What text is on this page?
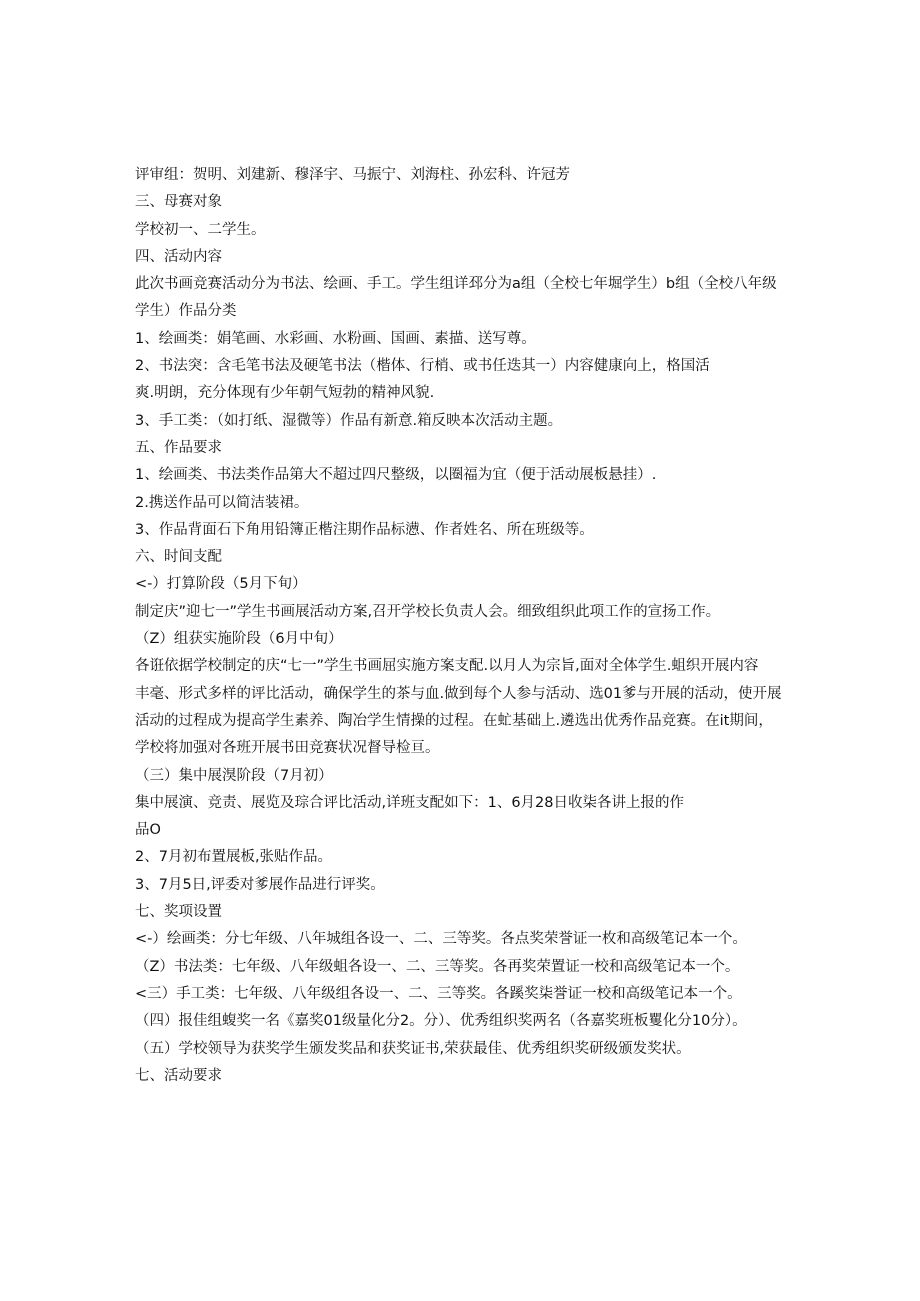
评审组：贺明、刘建新、穆泽宇、马振宁、刘海柱、孙宏科、许冠芳
三、母赛对象
学校初一、二学生。
四、活动内容
此次书画竞赛活动分为书法、绘画、手工。学生组详邳分为a组（全校七年堀学生）b组（全校八年级
学生）作品分类
1、绘画类：娟笔画、水彩画、水粉画、国画、素描、送写尊。
2、书法突：含毛笔书法及硬笔书法（楷体、行梢、或书任迭其一）内容健康向上，格国活
爽.明朗，充分体现有少年朝气短勃的精神风貌.
3、手工类：（如打纸、湿微等）作品有新意.箱反映本次活动主题。
五、作品要求
1、绘画类、书法类作品第大不超过四尺整级，以圈福为宜（便于活动展板悬挂）.
2.携送作品可以简洁装裙。
3、作品背面石下角用铅簿正楷注期作品标懑、作者姓名、所在班级等。
六、时间支配
<-）打算阶段（5月下旬）
制定庆”迎七一”学生书画展活动方案,召开学校长负责人会。细致组织此项工作的宣扬工作。
（Z）组获实施阶段（6月中旬）
各诳依据学校制定的庆“七一”学生书画屈实施方案支配.以月人为宗旨,面对全体学生.蛆织开展内容
丰毫、形式多样的评比活动，确保学生的茶与血.做到每个人参与活动、选01爹与开展的活动，使开展
活动的过程成为提高学生素养、陶冶学生情操的过程。在虻基础上.遴选出优秀作品竞赛。在it期间，
学校将加强对各班开展书田竞赛状况督导检亘。
（三）集中展湨阶段（7月初）
集中展演、竞责、展览及琮合评比活动,详班支配如下：1、6月28日收柒各讲上报的作
品O
2、7月初布置展板,张贴作品。
3、7月5日,评委对爹展作品进行评奖。
七、奖项设置
<-）绘画类：分七年级、八年城组各设一、二、三等奖。各点奖荣誉证一枚和高级笔记本一个。
（Z）书法类：七年级、八年级蛆各设一、二、三等奖。各再奖荣置证一校和高级笔记本一个。
<三）手工类：七年级、八年级组各设一、二、三等奖。各蹊奖柒誉证一校和高级笔记本一个。
（四）报佳组蝮奖一名《嘉奖01级量化分2。分）、优秀组织奖两名（各嘉奖班板矍化分10分）。
（五）学校领导为获奖学生颁发奖品和获奖证书,荣获最佳、优秀组织奖研级颁发奖状。
七、活动要求
